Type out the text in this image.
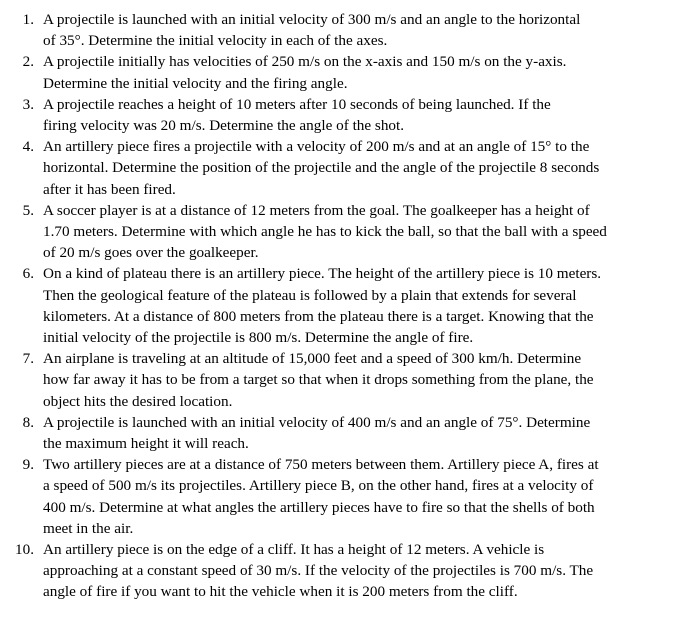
1. A projectile is launched with an initial velocity of 300 m/s and an angle to the horizontal
of 35°. Determine the initial velocity in each of the axes.
2. A projectile initially has velocities of 250 m/s on the x-axis and 150 m/s on the y-axis.
Determine the initial velocity and the firing angle.
3. A projectile reaches a height of 10 meters after 10 seconds of being launched. If the
firing velocity was 20 m/s. Determine the angle of the shot.
4. An artillery piece fires a projectile with a velocity of 200 m/s and at an angle of 15° to the
horizontal. Determine the position of the projectile and the angle of the projectile 8 seconds
after it has been fired.
5. A soccer player is at a distance of 12 meters from the goal. The goalkeeper has a height of
1.70 meters. Determine with which angle he has to kick the ball, so that the ball with a speed
of 20 m/s goes over the goalkeeper.
6. On a kind of plateau there is an artillery piece. The height of the artillery piece is 10 meters.
Then the geological feature of the plateau is followed by a plain that extends for several
kilometers. At a distance of 800 meters from the plateau there is a target. Knowing that the
initial velocity of the projectile is 800 m/s. Determine the angle of fire.
7. An airplane is traveling at an altitude of 15,000 feet and a speed of 300 km/h. Determine
how far away it has to be from a target so that when it drops something from the plane, the
object hits the desired location.
8. A projectile is launched with an initial velocity of 400 m/s and an angle of 75°. Determine
the maximum height it will reach.
9. Two artillery pieces are at a distance of 750 meters between them. Artillery piece A, fires at
a speed of 500 m/s its projectiles. Artillery piece B, on the other hand, fires at a velocity of
400 m/s. Determine at what angles the artillery pieces have to fire so that the shells of both
meet in the air.
10. An artillery piece is on the edge of a cliff. It has a height of 12 meters. A vehicle is
approaching at a constant speed of 30 m/s. If the velocity of the projectiles is 700 m/s. The
angle of fire if you want to hit the vehicle when it is 200 meters from the cliff.
